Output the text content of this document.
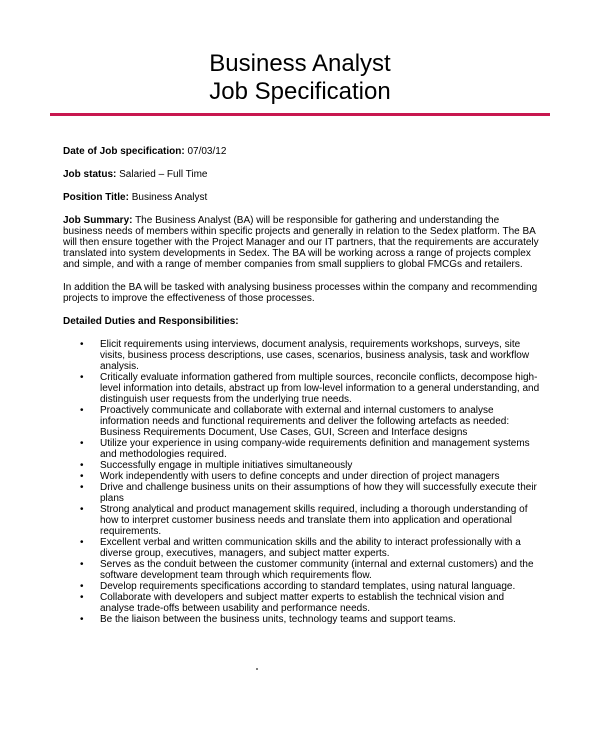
Business Analyst
Job Specification
Date of Job specification: 07/03/12
Job status: Salaried – Full Time
Position Title: Business Analyst
Job Summary: The Business Analyst (BA) will be responsible for gathering and understanding the business needs of members within specific projects and generally in relation to the Sedex platform. The BA will then ensure together with the Project Manager and our IT partners, that the requirements are accurately translated into system developments in Sedex. The BA will be working across a range of projects complex and simple, and with a range of member companies from small suppliers to global FMCGs and retailers.
In addition the BA will be tasked with analysing business processes within the company and recommending projects to improve the effectiveness of those processes.
Detailed Duties and Responsibilities:
• Elicit requirements using interviews, document analysis, requirements workshops, surveys, site visits, business process descriptions, use cases, scenarios, business analysis, task and workflow analysis.
• Critically evaluate information gathered from multiple sources, reconcile conflicts, decompose high-level information into details, abstract up from low-level information to a general understanding, and distinguish user requests from the underlying true needs.
• Proactively communicate and collaborate with external and internal customers to analyse information needs and functional requirements and deliver the following artefacts as needed: Business Requirements Document, Use Cases, GUI, Screen and Interface designs
• Utilize your experience in using company-wide requirements definition and management systems and methodologies required.
• Successfully engage in multiple initiatives simultaneously
• Work independently with users to define concepts and under direction of project managers
• Drive and challenge business units on their assumptions of how they will successfully execute their plans
• Strong analytical and product management skills required, including a thorough understanding of how to interpret customer business needs and translate them into application and operational requirements.
• Excellent verbal and written communication skills and the ability to interact professionally with a diverse group, executives, managers, and subject matter experts.
• Serves as the conduit between the customer community (internal and external customers) and the software development team through which requirements flow.
• Develop requirements specifications according to standard templates, using natural language.
• Collaborate with developers and subject matter experts to establish the technical vision and analyse trade-offs between usability and performance needs.
• Be the liaison between the business units, technology teams and support teams.
